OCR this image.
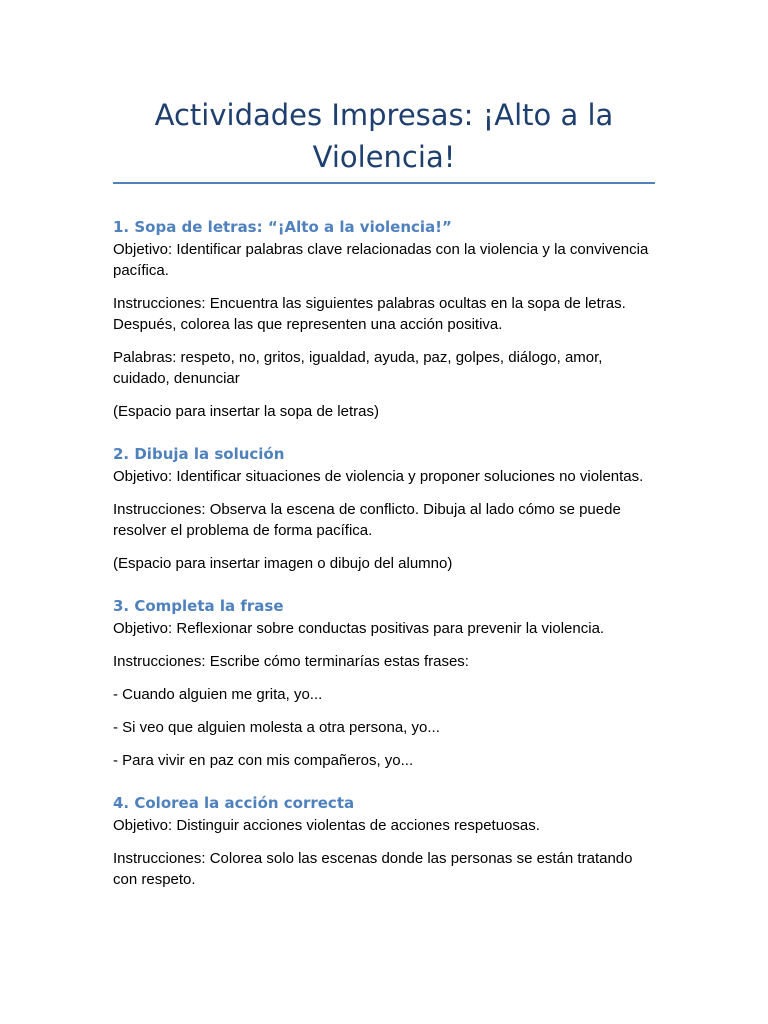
Actividades Impresas: ¡Alto a la Violencia!
1. Sopa de letras: “¡Alto a la violencia!”

Objetivo: Identificar palabras clave relacionadas con la violencia y la convivencia pacífica.

Instrucciones: Encuentra las siguientes palabras ocultas en la sopa de letras. Después, colorea las que representen una acción positiva.

Palabras: respeto, no, gritos, igualdad, ayuda, paz, golpes, diálogo, amor, cuidado, denunciar

(Espacio para insertar la sopa de letras)

2. Dibuja la solución

Objetivo: Identificar situaciones de violencia y proponer soluciones no violentas.

Instrucciones: Observa la escena de conflicto. Dibuja al lado cómo se puede resolver el problema de forma pacífica.

(Espacio para insertar imagen o dibujo del alumno)

3. Completa la frase

Objetivo: Reflexionar sobre conductas positivas para prevenir la violencia.

Instrucciones: Escribe cómo terminarías estas frases:

- Cuando alguien me grita, yo...

- Si veo que alguien molesta a otra persona, yo...

- Para vivir en paz con mis compañeros, yo...

4. Colorea la acción correcta

Objetivo: Distinguir acciones violentas de acciones respetuosas.

Instrucciones: Colorea solo las escenas donde las personas se están tratando con respeto.
